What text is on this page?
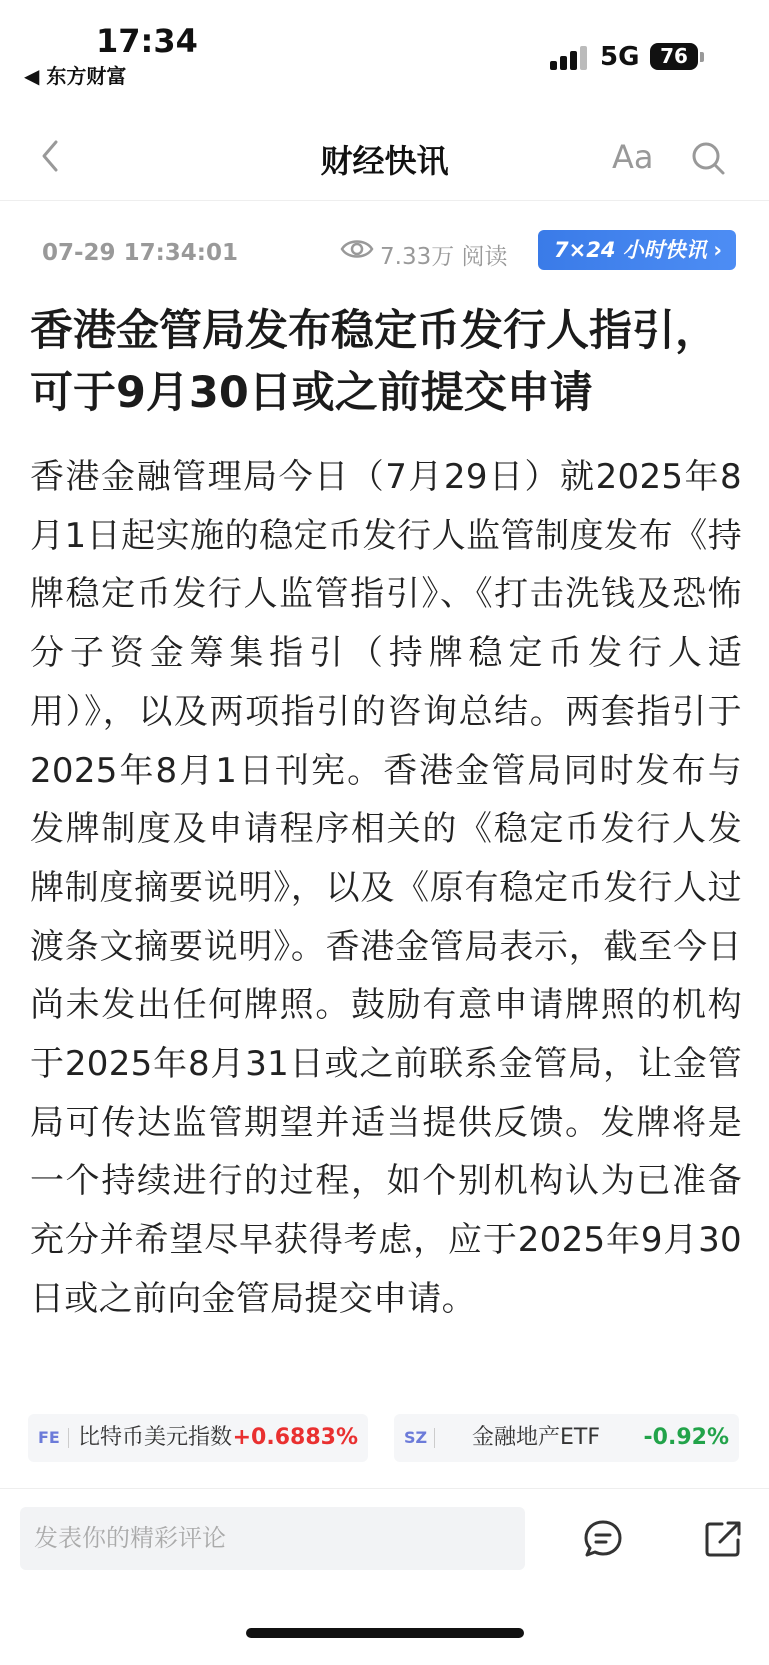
17:34
◀ 东方财富
5G	76
财经快讯	Aa
07-29 17:34:01	7.33万 阅读	7×24 小时快讯 ›
香港金管局发布稳定币发行人指引，可于9月30日或之前提交申请
香港金融管理局今日（7月29日）就2025年8月1日起实施的稳定币发行人监管制度发布《持牌稳定币发行人监管指引》、《打击洗钱及恐怖分子资金筹集指引（持牌稳定币发行人适用）》，以及两项指引的咨询总结。两套指引于2025年8月1日刊宪。香港金管局同时发布与发牌制度及申请程序相关的《稳定币发行人发牌制度摘要说明》，以及《原有稳定币发行人过渡条文摘要说明》。香港金管局表示，截至今日尚未发出任何牌照。鼓励有意申请牌照的机构于2025年8月31日或之前联系金管局，让金管局可传达监管期望并适当提供反馈。发牌将是一个持续进行的过程，如个别机构认为已准备充分并希望尽早获得考虑，应于2025年9月30日或之前向金管局提交申请。
FE 比特币美元指数 +0.6883%	SZ 金融地产ETF -0.92%
发表你的精彩评论
